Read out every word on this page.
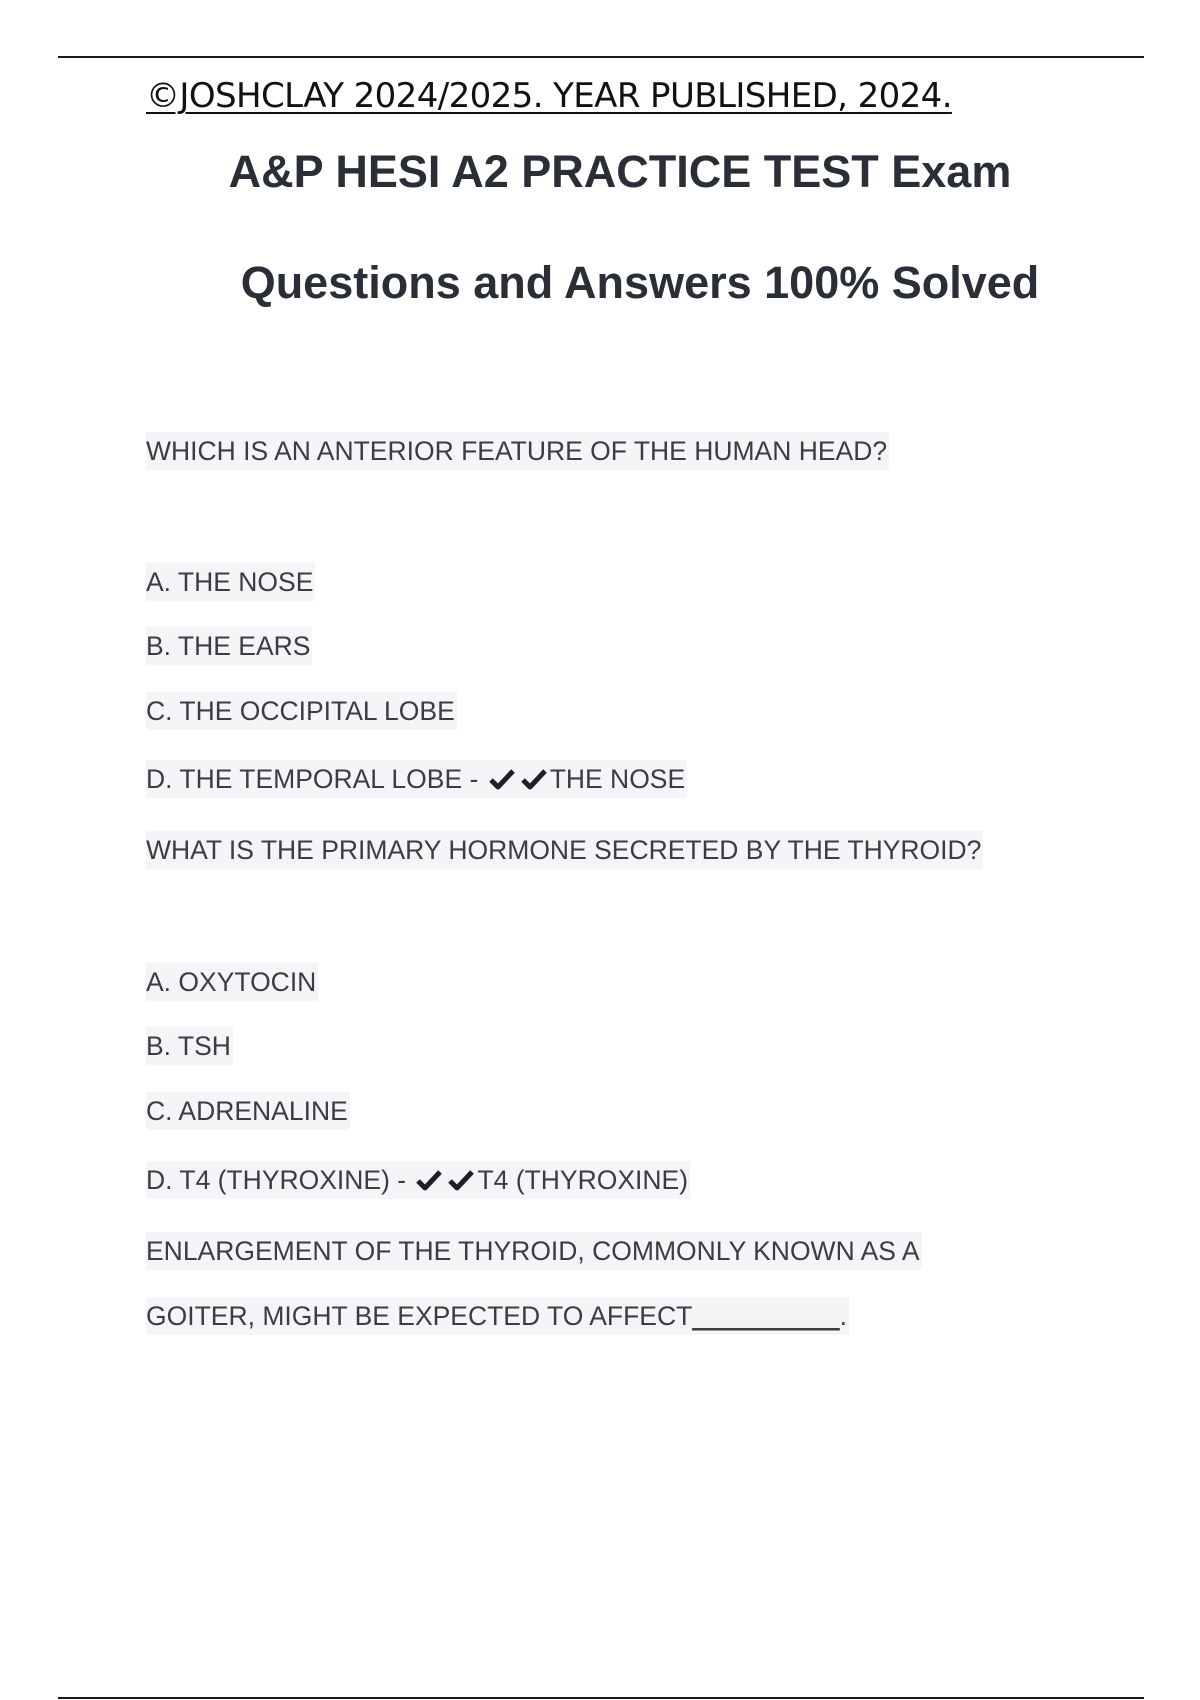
©JOSHCLAY 2024/2025. YEAR PUBLISHED, 2024.
A&P HESI A2 PRACTICE TEST Exam
Questions and Answers 100% Solved
WHICH IS AN ANTERIOR FEATURE OF THE HUMAN HEAD?
A. THE NOSE
B. THE EARS
C. THE OCCIPITAL LOBE
D. THE TEMPORAL LOBE -	THE NOSE
WHAT IS THE PRIMARY HORMONE SECRETED BY THE THYROID?
A. OXYTOCIN
B. TSH
C. ADRENALINE
D. T4 (THYROXINE) -	T4 (THYROXINE)
ENLARGEMENT OF THE THYROID, COMMONLY KNOWN AS A
GOITER, MIGHT BE EXPECTED TO AFFECT__________.
